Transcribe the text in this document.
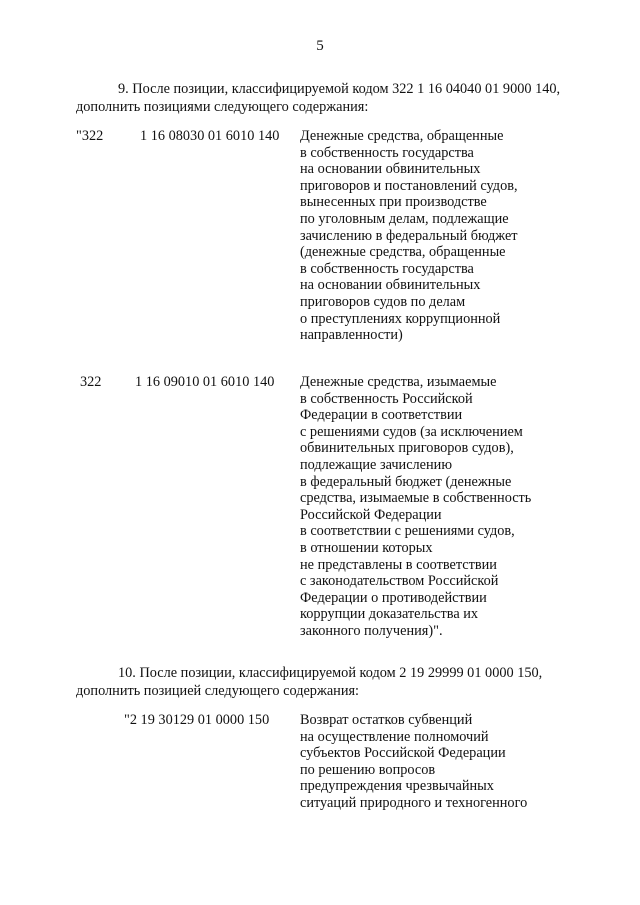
5
9. После позиции, классифицируемой кодом 322 1 16 04040 01 9000 140,
дополнить позициями следующего содержания:
"322	1 16 08030 01 6010 140 Денежные средства, обращенные
в собственность государства
на основании обвинительных
приговоров и постановлений судов,
вынесенных при производстве
по уголовным делам, подлежащие
зачислению в федеральный бюджет
(денежные средства, обращенные
в собственность государства
на основании обвинительных
приговоров судов по делам
о преступлениях коррупционной
направленности)
322 1 16 09010 01 6010 140 Денежные средства, изымаемые
в собственность Российской
Федерации в соответствии
с решениями судов (за исключением
обвинительных приговоров судов),
подлежащие зачислению
в федеральный бюджет (денежные
средства, изымаемые в собственность
Российской Федерации
в соответствии с решениями судов,
в отношении которых
не представлены в соответствии
с законодательством Российской
Федерации о противодействии
коррупции доказательства их
законного получения)".
10. После позиции, классифицируемой кодом 2 19 29999 01 0000 150,
дополнить позицией следующего содержания:
"2 19 30129 01 0000 150 Возврат остатков субвенций
на осуществление полномочий
субъектов Российской Федерации
по решению вопросов
предупреждения чрезвычайных
ситуаций природного и техногенного
